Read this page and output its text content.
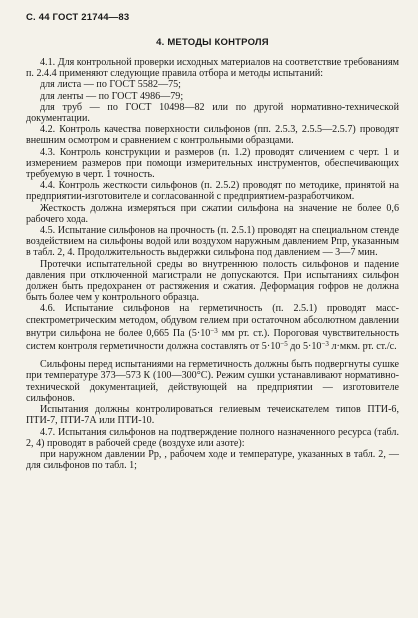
С. 44 ГОСТ 21744—83
4. МЕТОДЫ КОНТРОЛЯ

4.1. Для контрольной проверки исходных материалов на соответствие требованиям п. 2.4.4 применяют следующие правила отбора и методы испытаний:

для листа — по ГОСТ 5582—75;

для ленты — по ГОСТ 4986—79;

для труб — по ГОСТ 10498—82 или по другой нормативно-технической документации.

4.2. Контроль качества поверхности сильфонов (пп. 2.5.3, 2.5.5—2.5.7) проводят внешним осмотром и сравнением с контрольными образцами.

4.3. Контроль конструкции и размеров (п. 1.2) проводят сличением с черт. 1 и измерением размеров при помощи измерительных инструментов, обеспечивающих требуемую в черт. 1 точность.

4.4. Контроль жесткости сильфонов (п. 2.5.2) проводят по методике, принятой на предприятии-изготовителе и согласованной с предприятием-разработчиком.

Жесткость должна измеряться при сжатии сильфона на значение не более 0,6 рабочего хода.

4.5. Испытание сильфонов на прочность (п. 2.5.1) проводят на специальном стенде воздействием на сильфоны водой или воздухом наружным давлением Pпр, указанным в табл. 2, 4. Продолжительность выдержки сильфона под давлением — 3—7 мин.

Протечки испытательной среды во внутреннюю полость сильфонов и падение давления при отключенной магистрали не допускаются. При испытаниях сильфон должен быть предохранен от растяжения и сжатия. Деформация гофров не должна быть более чем у контрольного образца.

4.6. Испытание сильфонов на герметичность (п. 2.5.1) проводят масс-спектрометрическим методом, обдувом гелием при остаточном абсолютном давлении внутри сильфона не более 0,665 Па ($5\cdot 10^{-3}$ мм рт. ст.). Пороговая чувствительность систем контроля герметичности должна составлять от $5\cdot 10^{-5}$ до $5\cdot 10^{-3}$ л·мкм. рт. ст./с.

Сильфоны перед испытаниями на герметичность должны быть подвергнуты сушке при температуре 373—573 К (100—300°С). Режим сушки устанавливают нормативно-технической документацией, действующей на предприятии — изготовителе сильфонов.

Испытания должны контролироваться гелиевым течеискателем типов ПТИ-6, ПТИ-7, ПТИ-7А или ПТИ-10.

4.7. Испытания сильфонов на подтверждение полного назначенного ресурса (табл. 2, 4) проводят в рабочей среде (воздухе или азоте):

при наружном давлении Pр, , рабочем ходе и температуре, указанных в табл. 2, — для сильфонов по табл. 1;
